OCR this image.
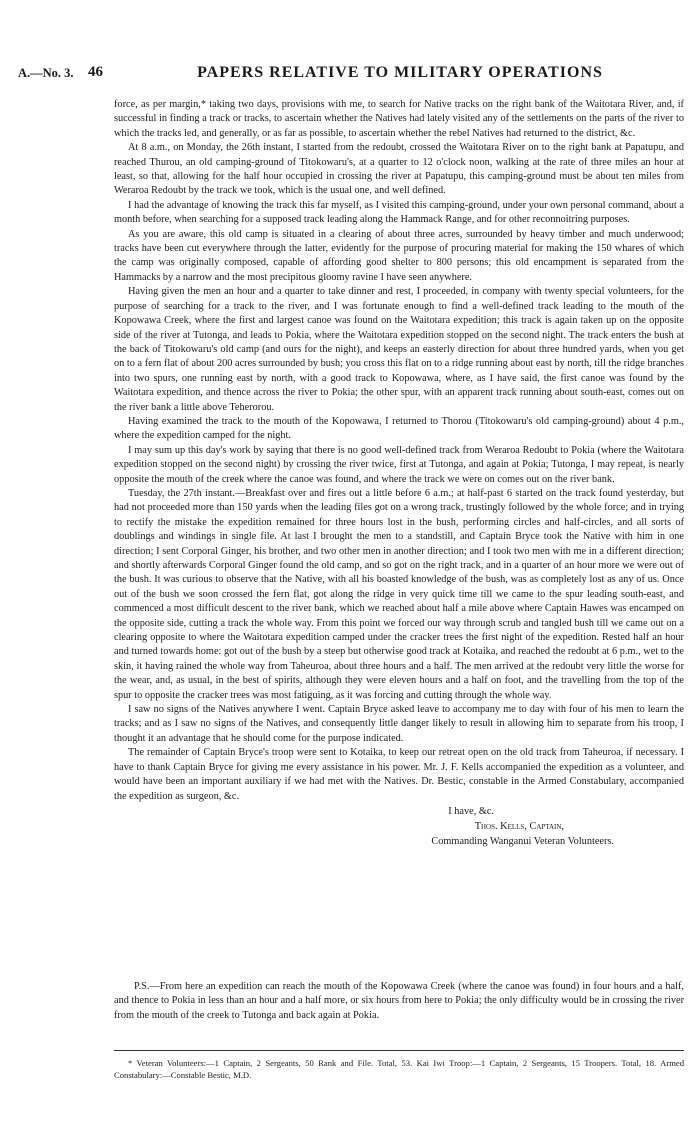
A.—No. 3. 46	PAPERS RELATIVE TO MILITARY OPERATIONS

force, as per margin,* taking two days, provisions with me, to search for Native tracks on the right bank of the Waitotara River, and, if successful in finding a track or tracks, to ascertain whether the Natives had lately visited any of the settlements on the parts of the river to which the tracks led, and generally, or as far as possible, to ascertain whether the rebel Natives had returned to the district, &c.

At 8 a.m., on Monday, the 26th instant, I started from the redoubt, crossed the Waitotara River on to the right bank at Papatupu, and reached Thurou, an old camping-ground of Titokowaru's, at a quarter to 12 o'clock noon, walking at the rate of three miles an hour at least, so that, allowing for the half hour occupied in crossing the river at Papatupu, this camping-ground must be about ten miles from Weraroa Redoubt by the track we took, which is the usual one, and well defined.

I had the advantage of knowing the track this far myself, as I visited this camping-ground, under your own personal command, about a month before, when searching for a supposed track leading along the Hammack Range, and for other reconnoitring purposes.

As you are aware, this old camp is situated in a clearing of about three acres, surrounded by heavy timber and much underwood; tracks have been cut everywhere through the latter, evidently for the purpose of procuring material for making the 150 whares of which the camp was originally composed, capable of affording good shelter to 800 persons; this old encampment is separated from the Hammacks by a narrow and the most precipitous gloomy ravine I have seen anywhere.

Having given the men an hour and a quarter to take dinner and rest, I proceeded, in company with twenty special volunteers, for the purpose of searching for a track to the river, and I was fortunate enough to find a well-defined track leading to the mouth of the Kopowawa Creek, where the first and largest canoe was found on the Waitotara expedition; this track is again taken up on the opposite side of the river at Tutonga, and leads to Pokia, where the Waitotara expedition stopped on the second night. The track enters the bush at the back of Titokowaru's old camp (and ours for the night), and keeps an easterly direction for about three hundred yards, when you get on to a fern flat of about 200 acres surrounded by bush; you cross this flat on to a ridge running about east by north, till the ridge branches into two spurs, one running east by north, with a good track to Kopowawa, where, as I have said, the first canoe was found by the Waitotara expedition, and thence across the river to Pokia; the other spur, with an apparent track running about south-east, comes out on the river bank a little above Teherorou.

Having examined the track to the mouth of the Kopowawa, I returned to Thorou (Titokowaru's old camping-ground) about 4 p.m., where the expedition camped for the night.

I may sum up this day's work by saying that there is no good well-defined track from Weraroa Redoubt to Pokia (where the Waitotara expedition stopped on the second night) by crossing the river twice, first at Tutonga, and again at Pokia; Tutonga, I may repeat, is nearly opposite the mouth of the creek where the canoe was found, and where the track we were on comes out on the river bank.

Tuesday, the 27th instant.—Breakfast over and fires out a little before 6 a.m.; at half-past 6 started on the track found yesterday, but had not proceeded more than 150 yards when the leading files got on a wrong track, trustingly followed by the whole force; and in trying to rectify the mistake the expedition remained for three hours lost in the bush, performing circles and half-circles, and all sorts of doublings and windings in single file. At last I brought the men to a standstill, and Captain Bryce took the Native with him in one direction; I sent Corporal Ginger, his brother, and two other men in another direction; and I took two men with me in a different direction; and shortly afterwards Corporal Ginger found the old camp, and so got on the right track, and in a quarter of an hour more we were out of the bush. It was curious to observe that the Native, with all his boasted knowledge of the bush, was as completely lost as any of us. Once out of the bush we soon crossed the fern flat, got along the ridge in very quick time till we came to the spur leading south-east, and commenced a most difficult descent to the river bank, which we reached about half a mile above where Captain Hawes was encamped on the opposite side, cutting a track the whole way. From this point we forced our way through scrub and tangled bush till we came out on a clearing opposite to where the Waitotara expedition camped under the cracker trees the first night of the expedition. Rested half an hour and turned towards home: got out of the bush by a steep but otherwise good track at Kotaika, and reached the redoubt at 6 p.m., wet to the skin, it having rained the whole way from Taheuroa, about three hours and a half. The men arrived at the redoubt very little the worse for the wear, and, as usual, in the best of spirits, although they were eleven hours and a half on foot, and the travelling from the top of the spur to opposite the cracker trees was most fatiguing, as it was forcing and cutting through the whole way.

I saw no signs of the Natives anywhere I went. Captain Bryce asked leave to accompany me to day with four of his men to learn the tracks; and as I saw no signs of the Natives, and consequently little danger likely to result in allowing him to separate from his troop, I thought it an advantage that he should come for the purpose indicated.

The remainder of Captain Bryce's troop were sent to Kotaika, to keep our retreat open on the old track from Taheuroa, if necessary. I have to thank Captain Bryce for giving me every assistance in his power. Mr. J. F. Kells accompanied the expedition as a volunteer, and would have been an important auxiliary if we had met with the Natives. Dr. Bestic, constable in the Armed Constabulary, accompanied the expedition as surgeon, &c.

I have, &c.
Thos. Kells, Captain,
Commanding Wanganui Veteran Volunteers.

P.S.—From here an expedition can reach the mouth of the Kopowawa Creek (where the canoe was found) in four hours and a half, and thence to Pokia in less than an hour and a half more, or six hours from here to Pokia; the only difficulty would be in crossing the river from the mouth of the creek to Tutonga and back again at Pokia.

* Veteran Volunteers:—1 Captain, 2 Sergeants, 50 Rank and File. Total, 53. Kai Iwi Troop:—1 Captain, 2 Sergeants, 15 Troopers. Total, 18. Armed Constabulary:—Constable Bestic, M.D.
